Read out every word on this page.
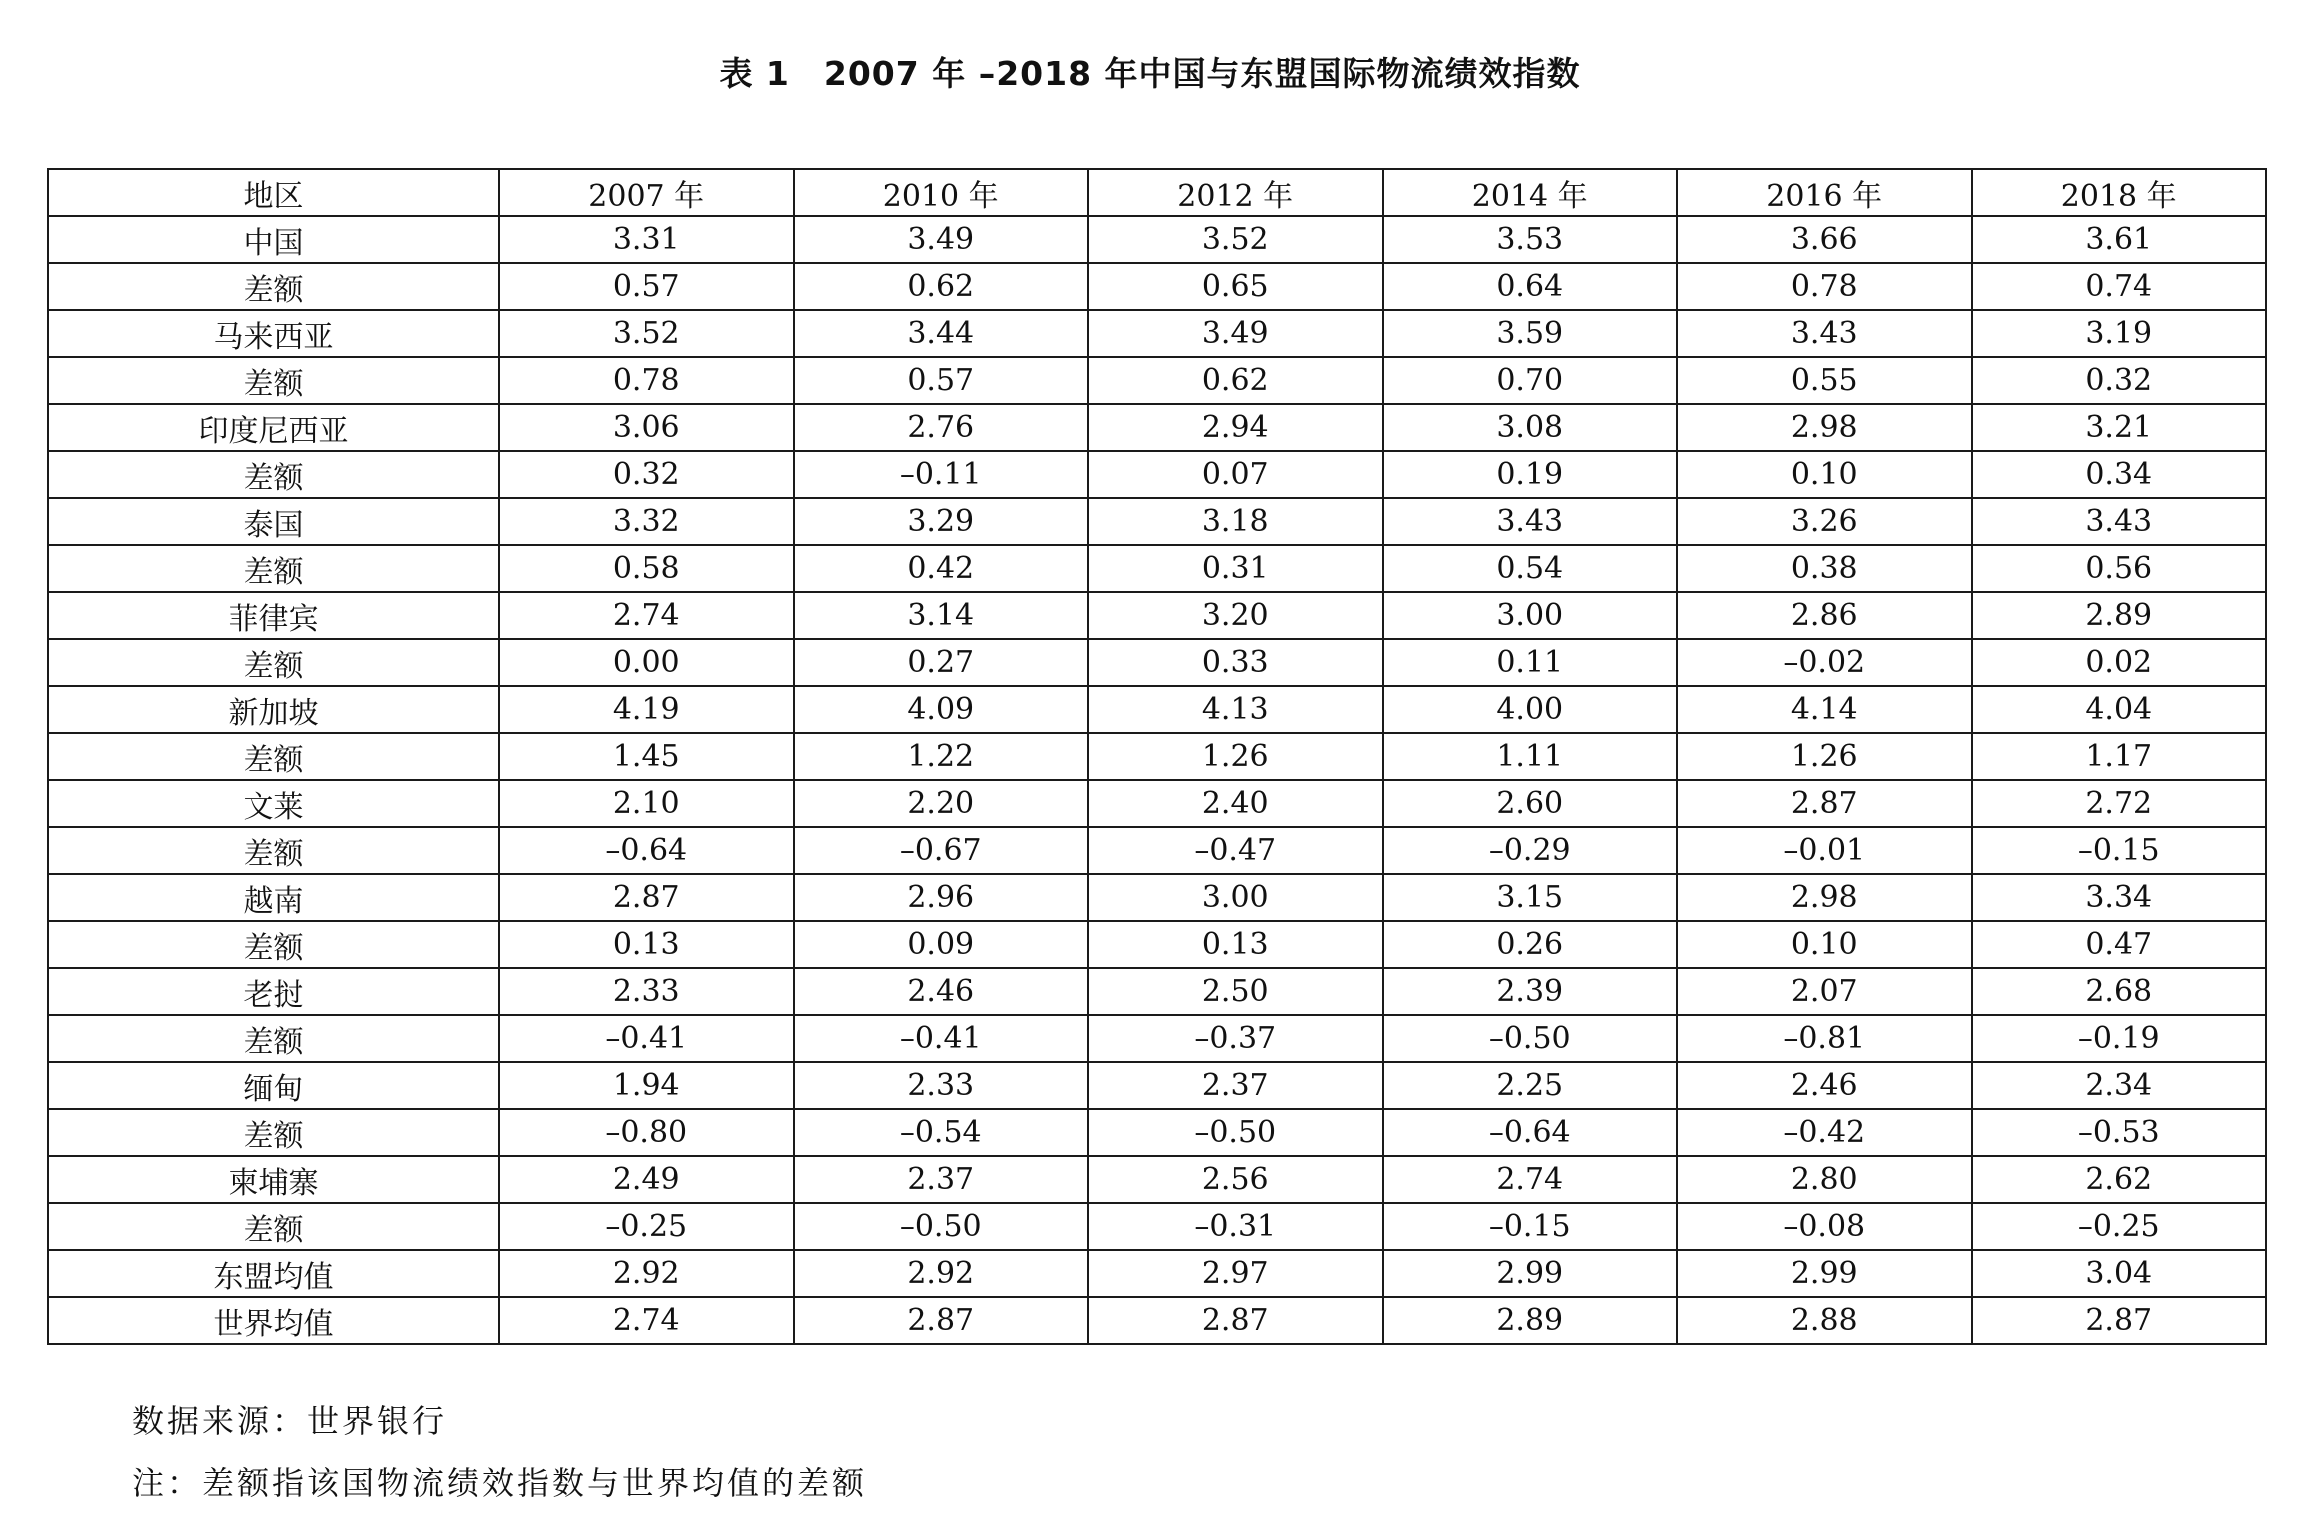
表 1　2007 年 –2018 年中国与东盟国际物流绩效指数
地区	2007 年	2010 年	2012 年	2014 年	2016 年	2018 年
中国	3.31	3.49	3.52	3.53	3.66	3.61
差额	0.57	0.62	0.65	0.64	0.78	0.74
马来西亚	3.52	3.44	3.49	3.59	3.43	3.19
差额	0.78	0.57	0.62	0.70	0.55	0.32
印度尼西亚	3.06	2.76	2.94	3.08	2.98	3.21
差额	0.32	–0.11	0.07	0.19	0.10	0.34
泰国	3.32	3.29	3.18	3.43	3.26	3.43
差额	0.58	0.42	0.31	0.54	0.38	0.56
菲律宾	2.74	3.14	3.20	3.00	2.86	2.89
差额	0.00	0.27	0.33	0.11	–0.02	0.02
新加坡	4.19	4.09	4.13	4.00	4.14	4.04
差额	1.45	1.22	1.26	1.11	1.26	1.17
文莱	2.10	2.20	2.40	2.60	2.87	2.72
差额	–0.64	–0.67	–0.47	–0.29	–0.01	–0.15
越南	2.87	2.96	3.00	3.15	2.98	3.34
差额	0.13	0.09	0.13	0.26	0.10	0.47
老挝	2.33	2.46	2.50	2.39	2.07	2.68
差额	–0.41	–0.41	–0.37	–0.50	–0.81	–0.19
缅甸	1.94	2.33	2.37	2.25	2.46	2.34
差额	–0.80	–0.54	–0.50	–0.64	–0.42	–0.53
柬埔寨	2.49	2.37	2.56	2.74	2.80	2.62
差额	–0.25	–0.50	–0.31	–0.15	–0.08	–0.25
东盟均值	2.92	2.92	2.97	2.99	2.99	3.04
世界均值	2.74	2.87	2.87	2.89	2.88	2.87
数据来源：世界银行
注：差额指该国物流绩效指数与世界均值的差额
